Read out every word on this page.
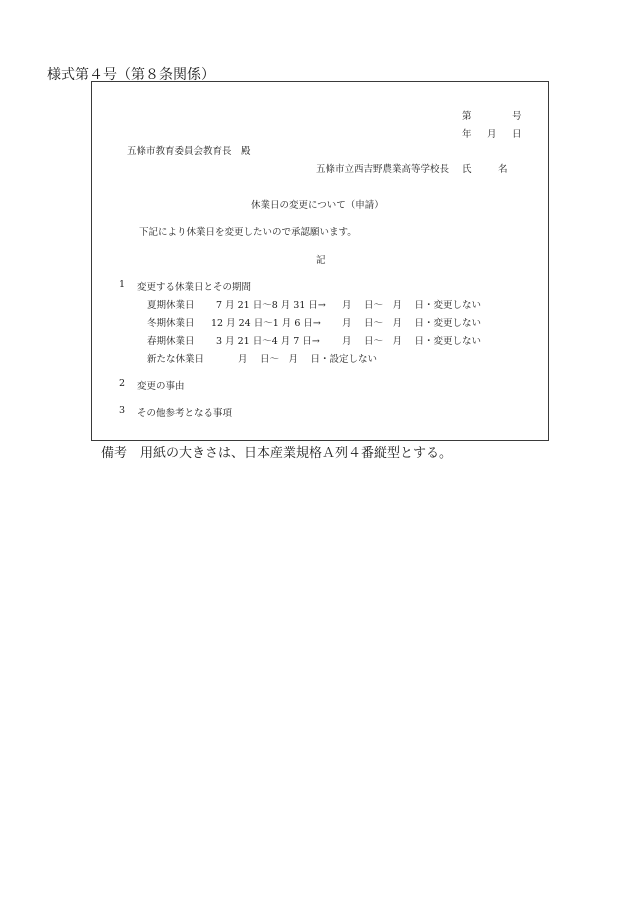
様式第４号（第８条関係）
第	号
年 月 日
五條市教育委員会教育長　殿
五條市立西吉野農業高等学校長 氏	名
休業日の変更について（申請）
下記により休業日を変更したいので承認願います。
記
1 変更する休業日とその期間
夏期休業日 7 月 21 日〜8 月 31 日→ 月　 日〜　月　 日・変更しない
冬期休業日 12 月 24 日〜1 月 6 日→ 月　 日〜　月　 日・変更しない
春期休業日 3 月 21 日〜4 月 7 日→ 月　 日〜　月　 日・変更しない
新たな休業日	月　 日〜　月　 日・設定しない
2 変更の事由
3 その他参考となる事項
備考　用紙の大きさは、日本産業規格Ａ列４番縦型とする。
